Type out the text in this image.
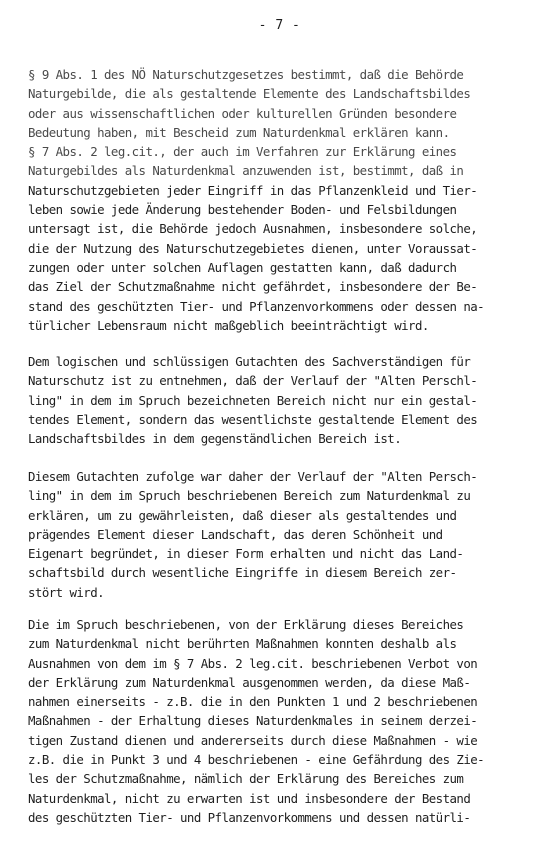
- 7 -
§ 9 Abs. 1 des NÖ Naturschutzgesetzes bestimmt, daß die Behörde
Naturgebilde, die als gestaltende Elemente des Landschaftsbildes
oder aus wissenschaftlichen oder kulturellen Gründen besondere
Bedeutung haben, mit Bescheid zum Naturdenkmal erklären kann.
§ 7 Abs. 2 leg.cit., der auch im Verfahren zur Erklärung eines
Naturgebildes als Naturdenkmal anzuwenden ist, bestimmt, daß in
Naturschutzgebieten jeder Eingriff in das Pflanzenkleid und Tier-
leben sowie jede Änderung bestehender Boden- und Felsbildungen
untersagt ist, die Behörde jedoch Ausnahmen, insbesondere solche,
die der Nutzung des Naturschutzegebietes dienen, unter Voraussat-
zungen oder unter solchen Auflagen gestatten kann, daß dadurch
das Ziel der Schutzmaßnahme nicht gefährdet, insbesondere der Be-
stand des geschützten Tier- und Pflanzenvorkommens oder dessen na-
türlicher Lebensraum nicht maßgeblich beeinträchtigt wird.
Dem logischen und schlüssigen Gutachten des Sachverständigen für
Naturschutz ist zu entnehmen, daß der Verlauf der "Alten Perschl-
ling" in dem im Spruch bezeichneten Bereich nicht nur ein gestal-
tendes Element, sondern das wesentlichste gestaltende Element des
Landschaftsbildes in dem gegenständlichen Bereich ist.
Diesem Gutachten zufolge war daher der Verlauf der "Alten Persch-
ling" in dem im Spruch beschriebenen Bereich zum Naturdenkmal zu
erklären, um zu gewährleisten, daß dieser als gestaltendes und
prägendes Element dieser Landschaft, das deren Schönheit und
Eigenart begründet, in dieser Form erhalten und nicht das Land-
schaftsbild durch wesentliche Eingriffe in diesem Bereich zer-
stört wird.
Die im Spruch beschriebenen, von der Erklärung dieses Bereiches
zum Naturdenkmal nicht berührten Maßnahmen konnten deshalb als
Ausnahmen von dem im § 7 Abs. 2 leg.cit. beschriebenen Verbot von
der Erklärung zum Naturdenkmal ausgenommen werden, da diese Maß-
nahmen einerseits - z.B. die in den Punkten 1 und 2 beschriebenen
Maßnahmen - der Erhaltung dieses Naturdenkmales in seinem derzei-
tigen Zustand dienen und andererseits durch diese Maßnahmen - wie
z.B. die in Punkt 3 und 4 beschriebenen - eine Gefährdung des Zie-
les der Schutzmaßnahme, nämlich der Erklärung des Bereiches zum
Naturdenkmal, nicht zu erwarten ist und insbesondere der Bestand
des geschützten Tier- und Pflanzenvorkommens und dessen natürli-
